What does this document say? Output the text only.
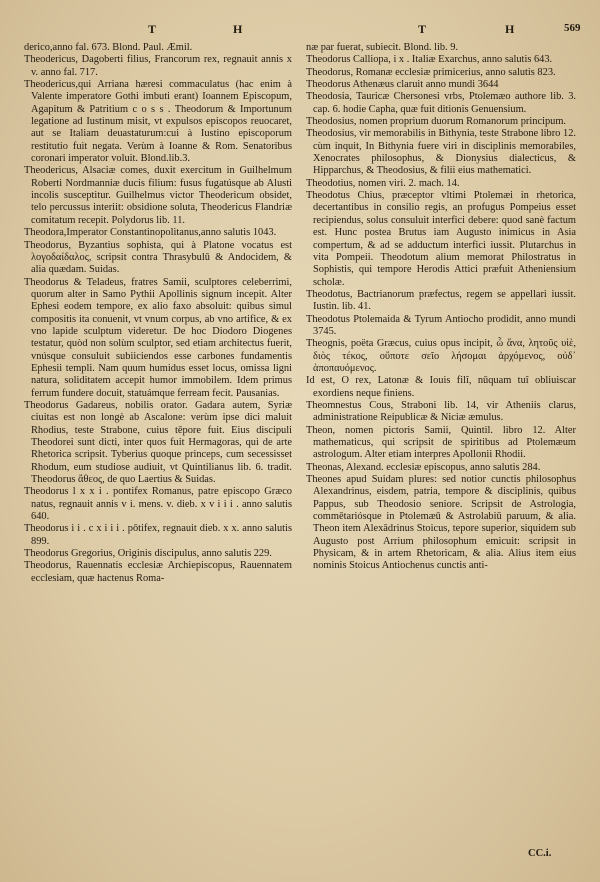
T	H	T	H	569

derico,anno fal. 673. Blond. Paul. Æmil.

Theodericus, Dagoberti filius, Francorum rex, regnauit annis x v. anno fal. 717.

Theodericus,qui Arriana hæresi commaculatus (hac enim à Valente imperatore Gothi imbuti erant) Ioannem Episcopum, Agapitum & Patritium c o s s . Theodorum & Importunum legatione ad Iustinum misit, vt expulsos episcopos reuocaret, aut se Italiam deuastaturum:cui à Iustino episcoporum restitutio fuit negata. Verùm à Ioanne & Rom. Senatoribus coronari imperator voluit. Blond.lib.3.

Theodericus, Alsaciæ comes, duxit exercitum in Guilhelmum Roberti Nordmanniæ ducis filium: fusus fugatúsque ab Alusti incolis susceptitur. Guilhelmus victor Theodericum obsidet, telo percussus interiit: obsidione soluta, Theodericus Flandriæ comitatum recepit. Polydorus lib. 11.

Theodora,Imperator Constantinopolitanus,anno salutis 1043.

Theodorus, Byzantius sophista, qui à Platone vocatus est λογοδαίδαλος, scripsit contra Thrasybulū & Andocidem, & alia quædam. Suidas.

Theodorus & Teladeus, fratres Samii, sculptores celeberrimi, quorum alter in Samo Pythii Apollinis signum incepit. Alter Ephesi eodem tempore, ex alio faxo absoluit: quibus simul compositis ita conuenit, vt vnum corpus, ab vno artifice, & ex vno lapide sculptum videretur. De hoc Diodoro Diogenes testatur, quòd non solùm sculptor, sed etiam architectus fuerit, vnúsque consuluit subiiciendos esse carbones fundamentis Ephesii templi. Nam quum humidus esset locus, omissa ligni natura, soliditatem accepit humor immobilem. Idem primus ferrum fundere docuit, statuámque ferream fecit. Pausanias.

Theodorus Gadareus, nobilis orator. Gadara autem, Syriæ ciuitas est non longè ab Ascalone: verùm ipse dici maluit Rhodius, teste Strabone, cuius tēpore fuit. Eius discipuli Theodorei sunt dicti, inter quos fuit Hermagoras, qui de arte Rhetorica scripsit. Tyberius quoque princeps, cum secessisset Rhodum, eum studiose audiuit, vt Quintilianus lib. 6. tradit. Theodorus ἄθεος, de quo Laertius & Suidas.

Theodorus l x x i . pontifex Romanus, patre episcopo Græco natus, regnauit annis v i. mens. v. dieb. x v i i i . anno salutis 640.

Theodorus i i . c x i i i . pōtifex, regnauit dieb. x x. anno salutis 899.

Theodorus Gregorius, Originis discipulus, anno salutis 229.

Theodorus, Rauennatis ecclesiæ Archiepiscopus, Rauennatem ecclesiam, quæ hactenus Roma-

næ par fuerat, subiecit. Blond. lib. 9.

Theodorus Calliopa, i x . Italiæ Exarchus, anno salutis 643.

Theodorus, Romanæ ecclesiæ primicerius, anno salutis 823.

Theodorus Athenæus claruit anno mundi 3644

Theodosia, Tauricæ Chersonesi vrbs, Ptolemæo authore lib. 3. cap. 6. hodie Capha, quæ fuit ditionis Genuensium.

Theodosius, nomen proprium duorum Romanorum principum.

Theodosius, vir memorabilis in Bithynia, teste Strabone libro 12. cùm inquit, In Bithynia fuere viri in disciplinis memorabiles, Xenocrates philosophus, & Dionysius dialecticus, & Hipparchus, & Theodosius, & filii eius mathematici.

Theodotius, nomen viri. 2. mach. 14.

Theodotus Chius, præceptor vltimi Ptolemæi in rhetorica, decertantibus in consilio regis, an profugus Pompeius esset recipiendus, solus consuluit interfici debere: quod sanè factum est. Hunc postea Brutus iam Augusto inimicus in Asia compertum, & ad se adductum interfici iussit. Plutarchus in vita Pompeii. Theodotum alium memorat Philostratus in Sophistis, qui tempore Herodis Attici præfuit Atheniensium scholæ.

Theodotus, Bactrianorum præfectus, regem se appellari iussit. Iustin. lib. 41.

Theodotus Ptolemaida & Tyrum Antiocho prodidit, anno mundi 3745.

Theognis, poëta Græcus, cuius opus incipit, ὦ ἄνα, λητοῦς υἱὲ, διὸς τέκος, οὔποτε σεῖο λήσομαι ἀρχόμενος, οὐδ᾽ ἀποπαυόμενος.

Id est, O rex, Latonæ & Iouis filî, nūquam tuî obliuiscar exordiens neque finiens.

Theomnestus Cous, Straboni lib. 14, vir Atheniis clarus, administratione Reipublicæ & Niciæ æmulus.

Theon, nomen pictoris Samii, Quintil. libro 12. Alter mathematicus, qui scripsit de spiritibus ad Ptolemæum astrologum. Alter etiam interpres Apollonii Rhodii.

Theonas, Alexand. ecclesiæ episcopus, anno salutis 284.

Theones apud Suidam plures: sed notior cunctis philosophus Alexandrinus, eisdem, patria, tempore & disciplinis, quibus Pappus, sub Theodosio seniore. Scripsit de Astrologia, commētariósque in Ptolemæū & Astrolabiū paruum, & alia. Theon item Alexādrinus Stoicus, tepore superior, siquidem sub Augusto post Arrium philosophum emicuit: scripsit in Physicam, & in artem Rhetoricam, & alia. Alius item eius nominis Stoicus Antiochenus cunctis anti-

CC.i.
